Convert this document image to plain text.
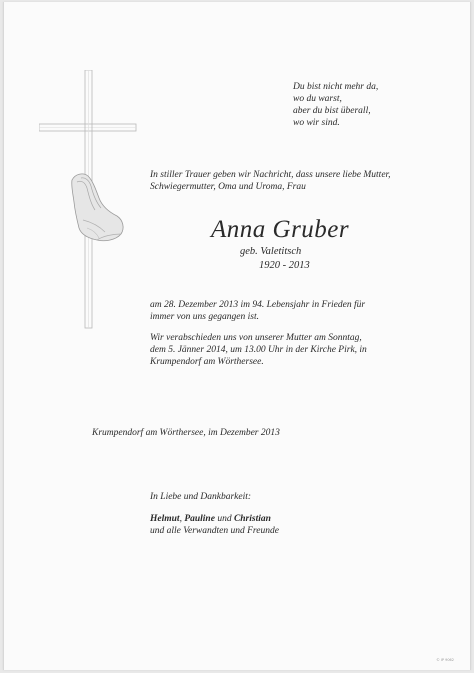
Du bist nicht mehr da,
wo du warst,
aber du bist überall,
wo wir sind.
In stiller Trauer geben wir Nachricht, dass unsere liebe Mutter,
Schwiegermutter, Oma und Uroma, Frau
Anna Gruber
geb. Valetitsch
1920 - 2013
am 28. Dezember 2013 im 94. Lebensjahr in Frieden für
immer von uns gegangen ist.
Wir verabschieden uns von unserer Mutter am Sonntag,
dem 5. Jänner 2014, um 13.00 Uhr in der Kirche Pirk, in
Krumpendorf am Wörthersee.
Krumpendorf am Wörthersee, im Dezember 2013
In Liebe und Dankbarkeit:
Helmut, Pauline und Christian
und alle Verwandten und Freunde
© IP 9062
